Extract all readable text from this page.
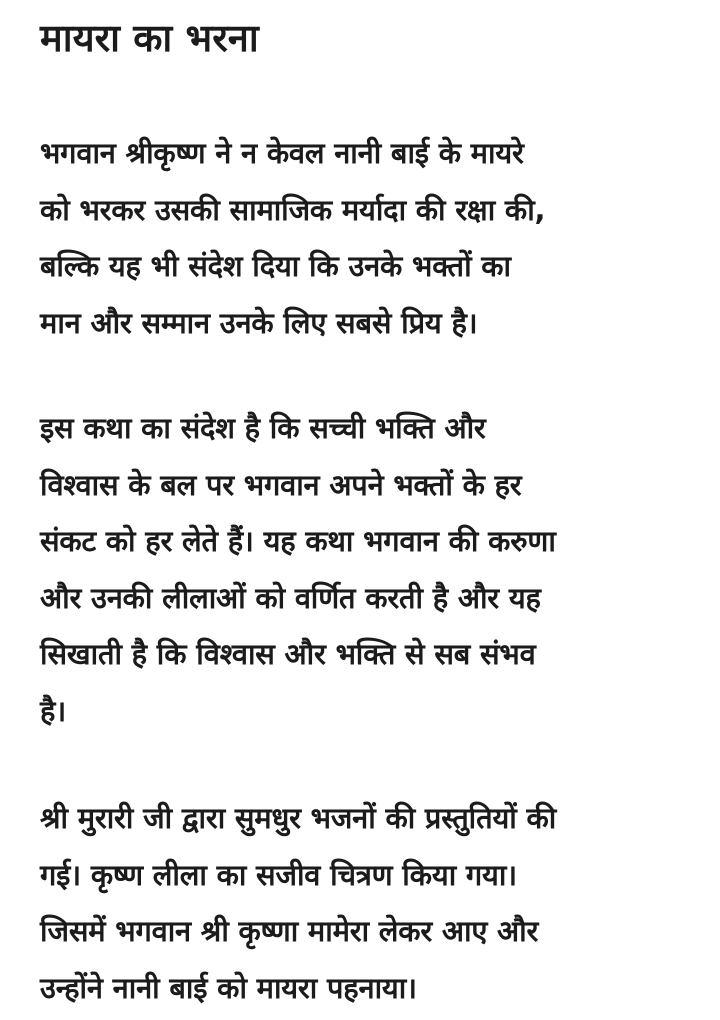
मायरा का भरना

भगवान श्रीकृष्ण ने न केवल नानी बाई के मायरे
को भरकर उसकी सामाजिक मर्यादा की रक्षा की,
बल्कि यह भी संदेश दिया कि उनके भक्तों का
मान और सम्मान उनके लिए सबसे प्रिय है।

इस कथा का संदेश है कि सच्ची भक्ति और
विश्वास के बल पर भगवान अपने भक्तों के हर
संकट को हर लेते हैं। यह कथा भगवान की करुणा
और उनकी लीलाओं को वर्णित करती है और यह
सिखाती है कि विश्वास और भक्ति से सब संभव
है।

श्री मुरारी जी द्वारा सुमधुर भजनों की प्रस्तुतियों की
गई। कृष्ण लीला का सजीव चित्रण किया गया।
जिसमें भगवान श्री कृष्णा मामेरा लेकर आए और
उन्होंने नानी बाई को मायरा पहनाया।
